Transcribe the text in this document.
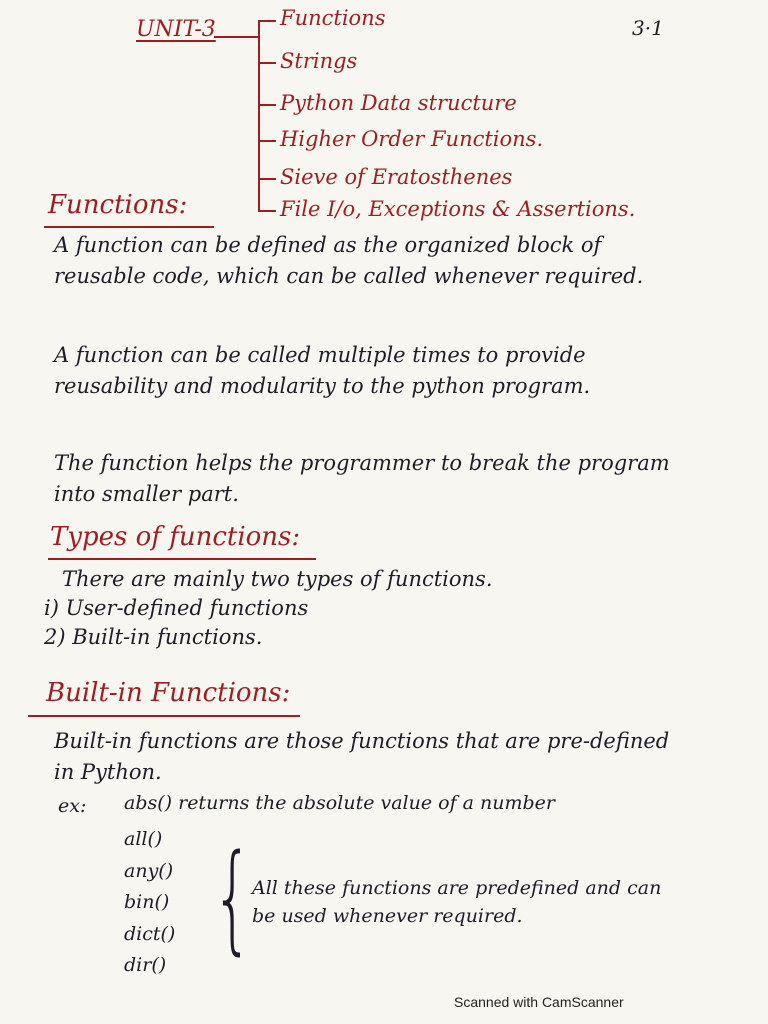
UNIT-3	3·1
Functions
Strings
Python Data structure
Higher Order Functions.
Sieve of Eratosthenes
File I/o, Exceptions & Assertions.
Functions:
A function can be defined as the organized block of reusable code, which can be called whenever required.
A function can be called multiple times to provide reusability and modularity to the python program.
The function helps the programmer to break the program into smaller part.
Types of functions:
There are mainly two types of functions.
i) User-defined functions
2) Built-in functions.
Built-in Functions:
Built-in functions are those functions that are pre-defined in Python.
ex: abs() returns the absolute value of a number
all()
any()
bin()
dict()
dir() {
All these functions are predefined and can be used whenever required.
Scanned with CamScanner
